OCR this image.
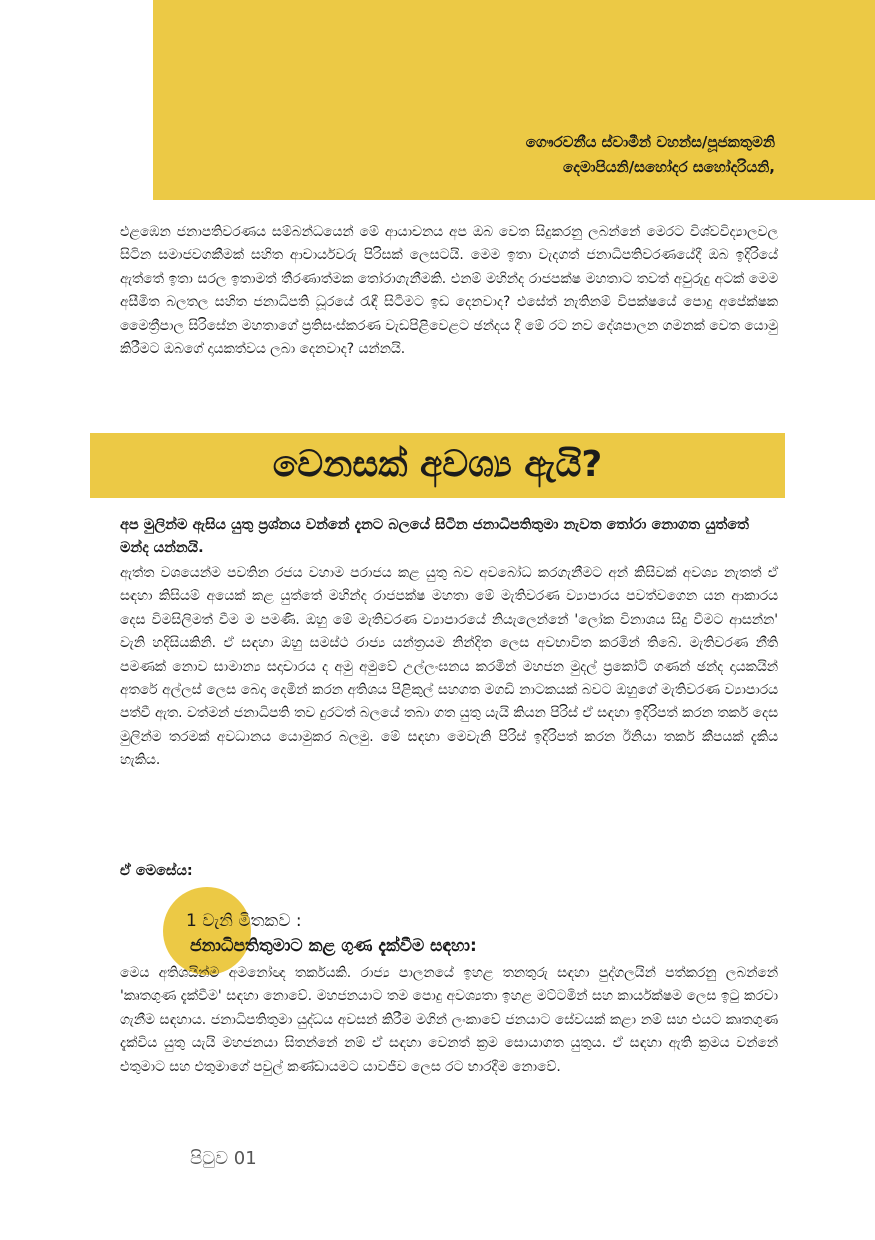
ගෞරවනීය ස්වාමීන් වහන්ස/පූජකතුමනි
දෙමාපියනි/සහෝදර සහෝදරියනි,

එළඹෙන ජනාපතිවරණය සම්බන්ධයෙන් මේ ආයාචනය අප ඔබ වෙත සිදුකරනු ලබන්නේ මෙරට විශ්වවිද්‍යාලවල සිටින සමාජවගකීමක් සහිත ආචාර්යවරු පිරිසක් ලෙසටයි. මෙම ඉතා වැදගත් ජනාධිපතිවරණයේදී ඔබ ඉදිරියේ ඇත්තේ ඉතා සරල ඉතාමත් තීරණාත්මක තෝරාගැනීමකි. එනම් මහින්ද රාජපක්ෂ මහතාට තවත් අවුරුදු අටක් මෙම අසීමිත බලතල සහිත ජනාධිපති ධූරයේ රැඳී සිටීමට ඉඩ දෙනවාද? එසේත් නැතිනම් විපක්ෂයේ පොදු අපේක්ෂක මෛත්‍රීපාල සිරිසේන මහතාගේ ප්‍රතිසංස්කරණ වැඩපිළිවෙළට ඡන්දය දී මේ රට නව දේශපාලන ගමනක් වෙත යොමු කිරීමට ඔබගේ දායකත්වය ලබා දෙනවාද? යන්නයි.

වෙනසක් අවශ්‍ය ඇයි?

අප මුලින්ම ඇසිය යුතු ප්‍රශ්නය වන්නේ දැනට බලයේ සිටින ජනාධිපතිතුමා නැවත තෝරා නොගත යුත්තේ මන්ද යන්නයි.

ඇත්ත වශයෙන්ම පවතින රජය වහාම පරාජය කළ යුතු බව අවබෝධ කරගැනීමට අන් කිසිවක් අවශ්‍ය නැතත් ඒ සඳහා කිසියම් අයෙක් කළ යුත්තේ මහින්ද රාජපක්ෂ මහතා මේ මැතිවරණ ව්‍යාපාරය පවත්වගෙන යන ආකාරය දෙස විමසිලිමත් වීම ම පමණි. ඔහු මේ මැතිවරණ ව්‍යාපාරයේ නියැලෙන්නේ 'ලෝක විනාශය සිදු වීමට ආසන්න' වැනි හදිසියකිනි. ඒ සඳහා ඔහු සමස්ථ රාජ්‍ය යන්ත්‍රයම නින්දිත ලෙස අවභාවිත කරමින් තිබේ. මැතිවරණ නීති පමණක් නොව සාමාන්‍ය සදාචාරය ද අමු අමුවේ උල්ලංඝනය කරමින් මහජන මුදල් ප්‍රකෝටි ගණන් ඡන්ද දායකයින් අතරේ අල්ලස් ලෙස බෙදා දෙමින් කරන අතිශය පිළිකුල් සහගත මගඩි නාටකයක් බවට ඔහුගේ මැතිවරණ ව්‍යාපාරය පත්වී ඇත. වත්මන් ජනාධිපති තව දුරටත් බලයේ තබා ගත යුතු යැයි කියන පිරිස් ඒ සඳහා ඉදිරිපත් කරන තර්ක දෙස මුලින්ම තරමක් අවධානය යොමුකර බලමු. මේ සඳහා මෙවැනි පිරිස් ඉදිරිපත් කරන ඊනියා තර්ක කීපයක් දැකිය හැකිය.

ඒ මෙසේය:
1 වැනි මිතකව :
ජනාධිපතිතුමාට කළ ගුණ දැක්වීම සඳහා:

මෙය අතිශයින්ම අමනෝඥ තර්කයකි. රාජ්‍ය පාලනයේ ඉහළ තනතුරු සඳහා පුද්ගලයින් පත්කරනු ලබන්නේ 'කෘතගුණ දැක්වීම' සඳහා නොවේ. මහජනයාට තම පොදු අවශ්‍යතා ඉහළ මට්ටමින් සහ කාර්යක්ෂම ලෙස ඉටු කරවා ගැනීම සඳහාය. ජනාධිපතිතුමා යුද්ධය අවසන් කිරීම මගින් ලංකාවේ ජනයාට සේවයක් කළා නම් සහ එයට කෘතගුණ දැක්විය යුතු යැයි මහජනයා සිතන්නේ නම් ඒ සඳහා වෙනත් ක්‍රම සොයාගත යුතුය. ඒ සඳහා ඇති ක්‍රමය වන්නේ එතුමාට සහ එතුමාගේ පවුල් කණ්ඩායමට යාවජීව ලෙස රට භාරදීම නොවේ.

පිටුව 01
